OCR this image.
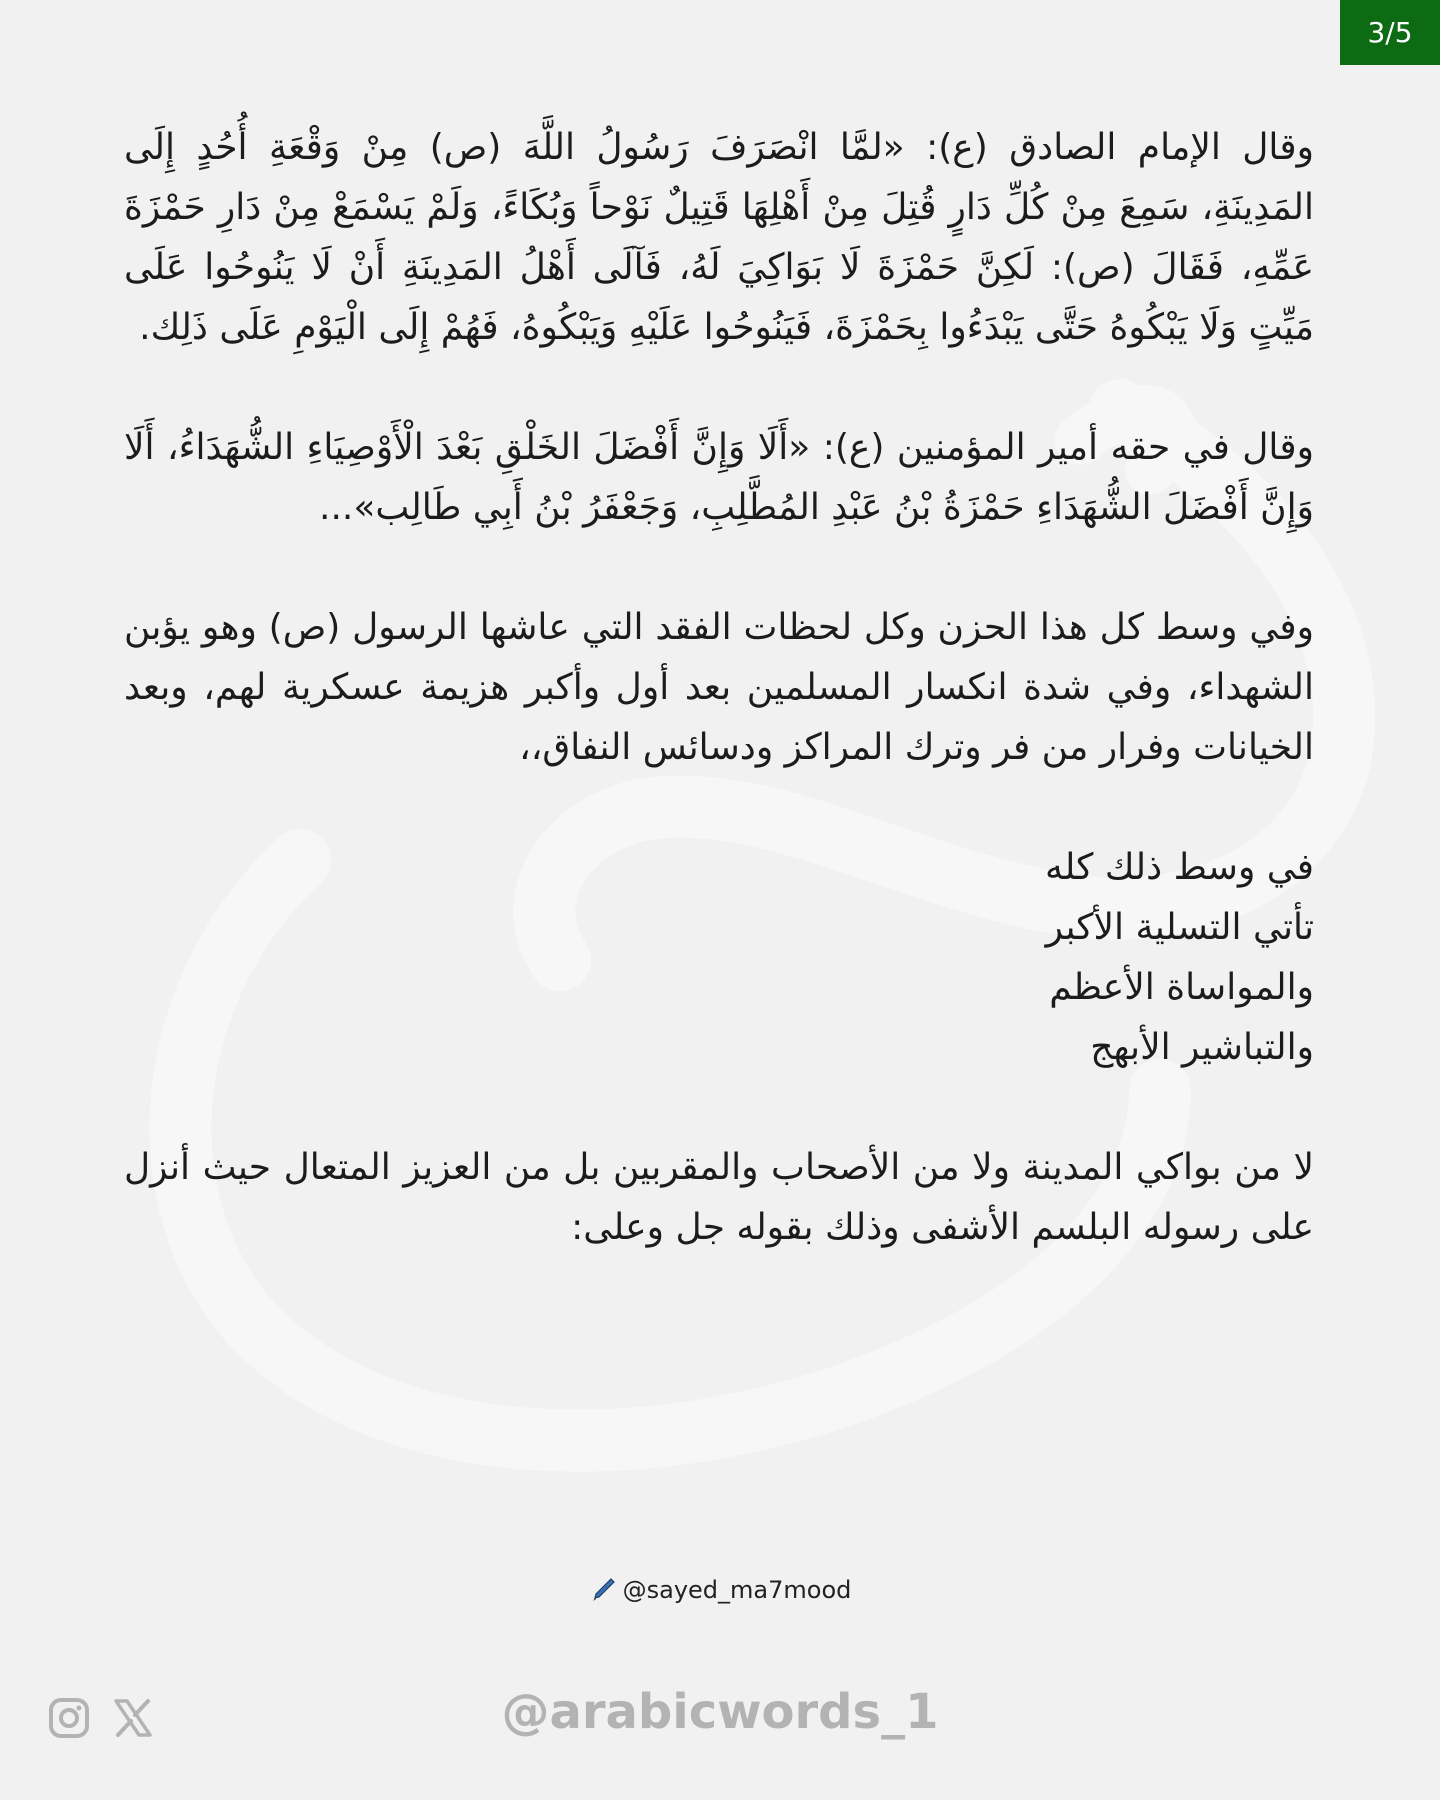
3/5

وقال الإمام الصادق (ع): «لمَّا انْصَرَفَ رَسُولُ اللَّهَ (ص) مِنْ وَقْعَةِ أُحُدٍ إِلَى المَدِينَةِ، سَمِعَ مِنْ كُلِّ دَارٍ قُتِلَ مِنْ أَهْلِهَا قَتِيلٌ نَوْحاً وَبُكَاءً، وَلَمْ يَسْمَعْ مِنْ دَارِ حَمْزَةَ عَمِّهِ، فَقَالَ (ص): لَكِنَّ حَمْزَةَ لَا بَوَاكِيَ لَهُ، فَآلَى أَهْلُ المَدِينَةِ أَنْ لَا يَنُوحُوا عَلَى مَيِّتٍ وَلَا يَبْكُوهُ حَتَّى يَبْدَءُوا بِحَمْزَةَ، فَيَنُوحُوا عَلَيْهِ وَيَبْكُوهُ، فَهُمْ إِلَى الْيَوْمِ عَلَى ذَلِك.

وقال في حقه أمير المؤمنين (ع): «أَلَا وَإِنَّ أَفْضَلَ الخَلْقِ بَعْدَ الْأَوْصِيَاءِ الشُّهَدَاءُ، أَلَا وَإِنَّ أَفْضَلَ الشُّهَدَاءِ حَمْزَةُ بْنُ عَبْدِ المُطَّلِبِ، وَجَعْفَرُ بْنُ أَبِي طَالِب»...

وفي وسط كل هذا الحزن وكل لحظات الفقد التي عاشها الرسول (ص) وهو يؤبن الشهداء، وفي شدة انكسار المسلمين بعد أول وأكبر هزيمة عسكرية لهم، وبعد الخيانات وفرار من فر وترك المراكز ودسائس النفاق،،

في وسط ذلك كله
تأتي التسلية الأكبر
والمواساة الأعظم
والتباشير الأبهج

لا من بواكي المدينة ولا من الأصحاب والمقربين بل من العزيز المتعال حيث أنزل على رسوله البلسم الأشفى وذلك بقوله جل وعلى:

@sayed_ma7mood
@arabicwords_1
